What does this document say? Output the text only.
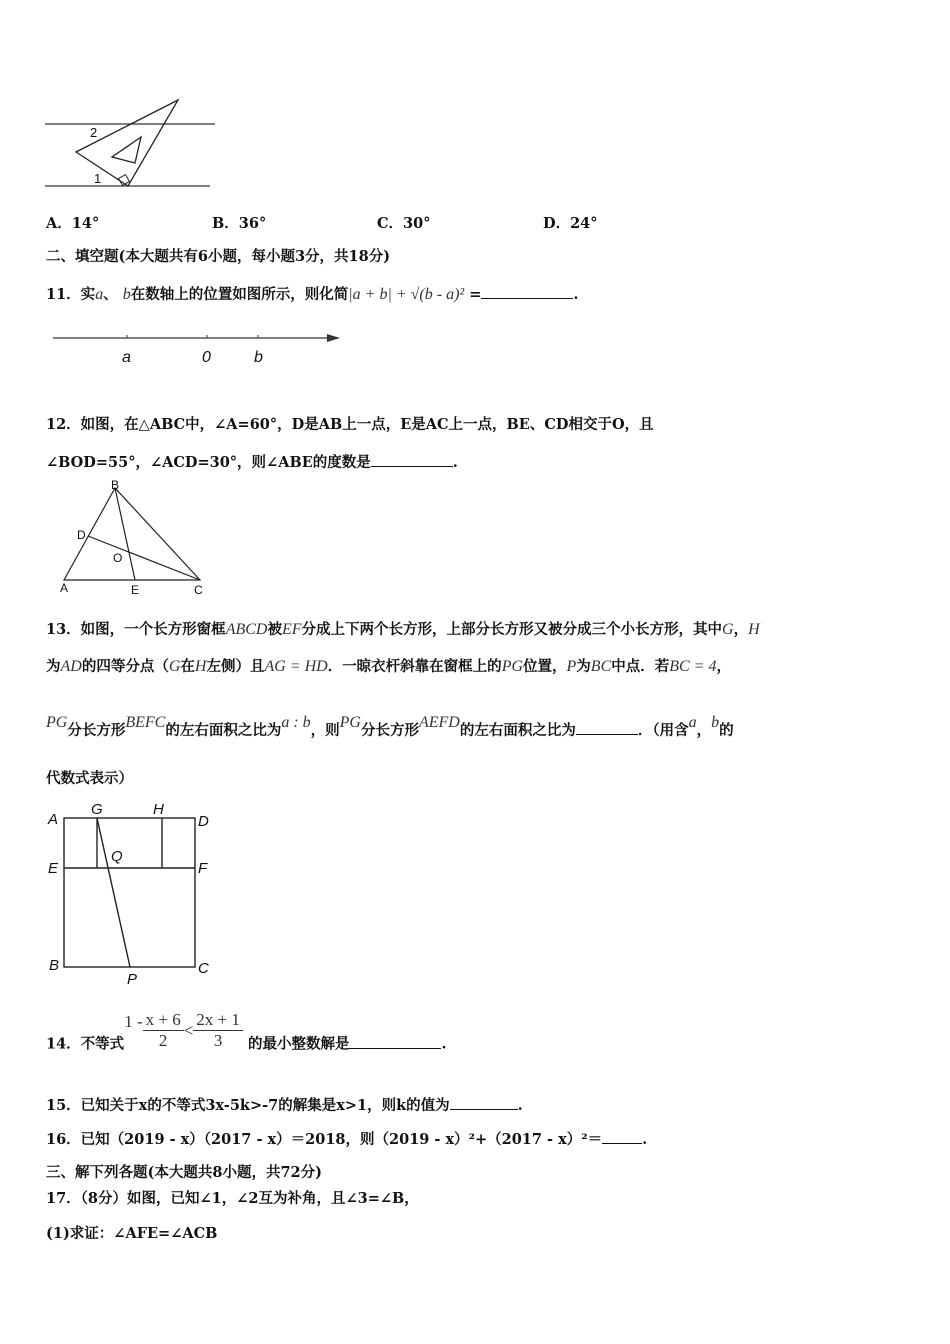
2
1
A．14°	B．36°	C．30°	D．24°
二、填空题(本大题共有6小题，每小题3分，共18分)
11．实a、 b在数轴上的位置如图所示，则化简|a + b| + √(b - a)² =	.
a	0	b
12．如图，在△ABC中，∠A=60°，D是AB上一点，E是AC上一点，BE、CD相交于O，且
∠BOD=55°，∠ACD=30°，则∠ABE的度数是	.
B
D
O
A	E	C
13．如图，一个长方形窗框ABCD被EF分成上下两个长方形，上部分长方形又被分成三个小长方形，其中G，H
为AD的四等分点（G在H左侧）且AG = HD．一晾衣杆斜靠在窗框上的PG位置，P为BC中点．若BC = 4，
PG分长方形BEFC的左右面积之比为a : b，则PG分长方形AEFD的左右面积之比为	．（用含a，b的
代数式表示）
A
G	H
D
E
Q
F
B
P
C
14．不等式$1 - \frac{x + 6}{2} < \frac{2x + 1}{3}$ 的最小整数解是	.
15．已知关于x的不等式3x-5k>-7的解集是x>1，则k的值为	.
16．已知（2019 - x）（2017 - x）＝2018，则（2019 - x）²+（2017 - x）²＝	.
三、解下列各题(本大题共8小题，共72分)
17．（8分）如图，已知∠1，∠2互为补角，且∠3=∠B，
(1)求证：∠AFE=∠ACB
